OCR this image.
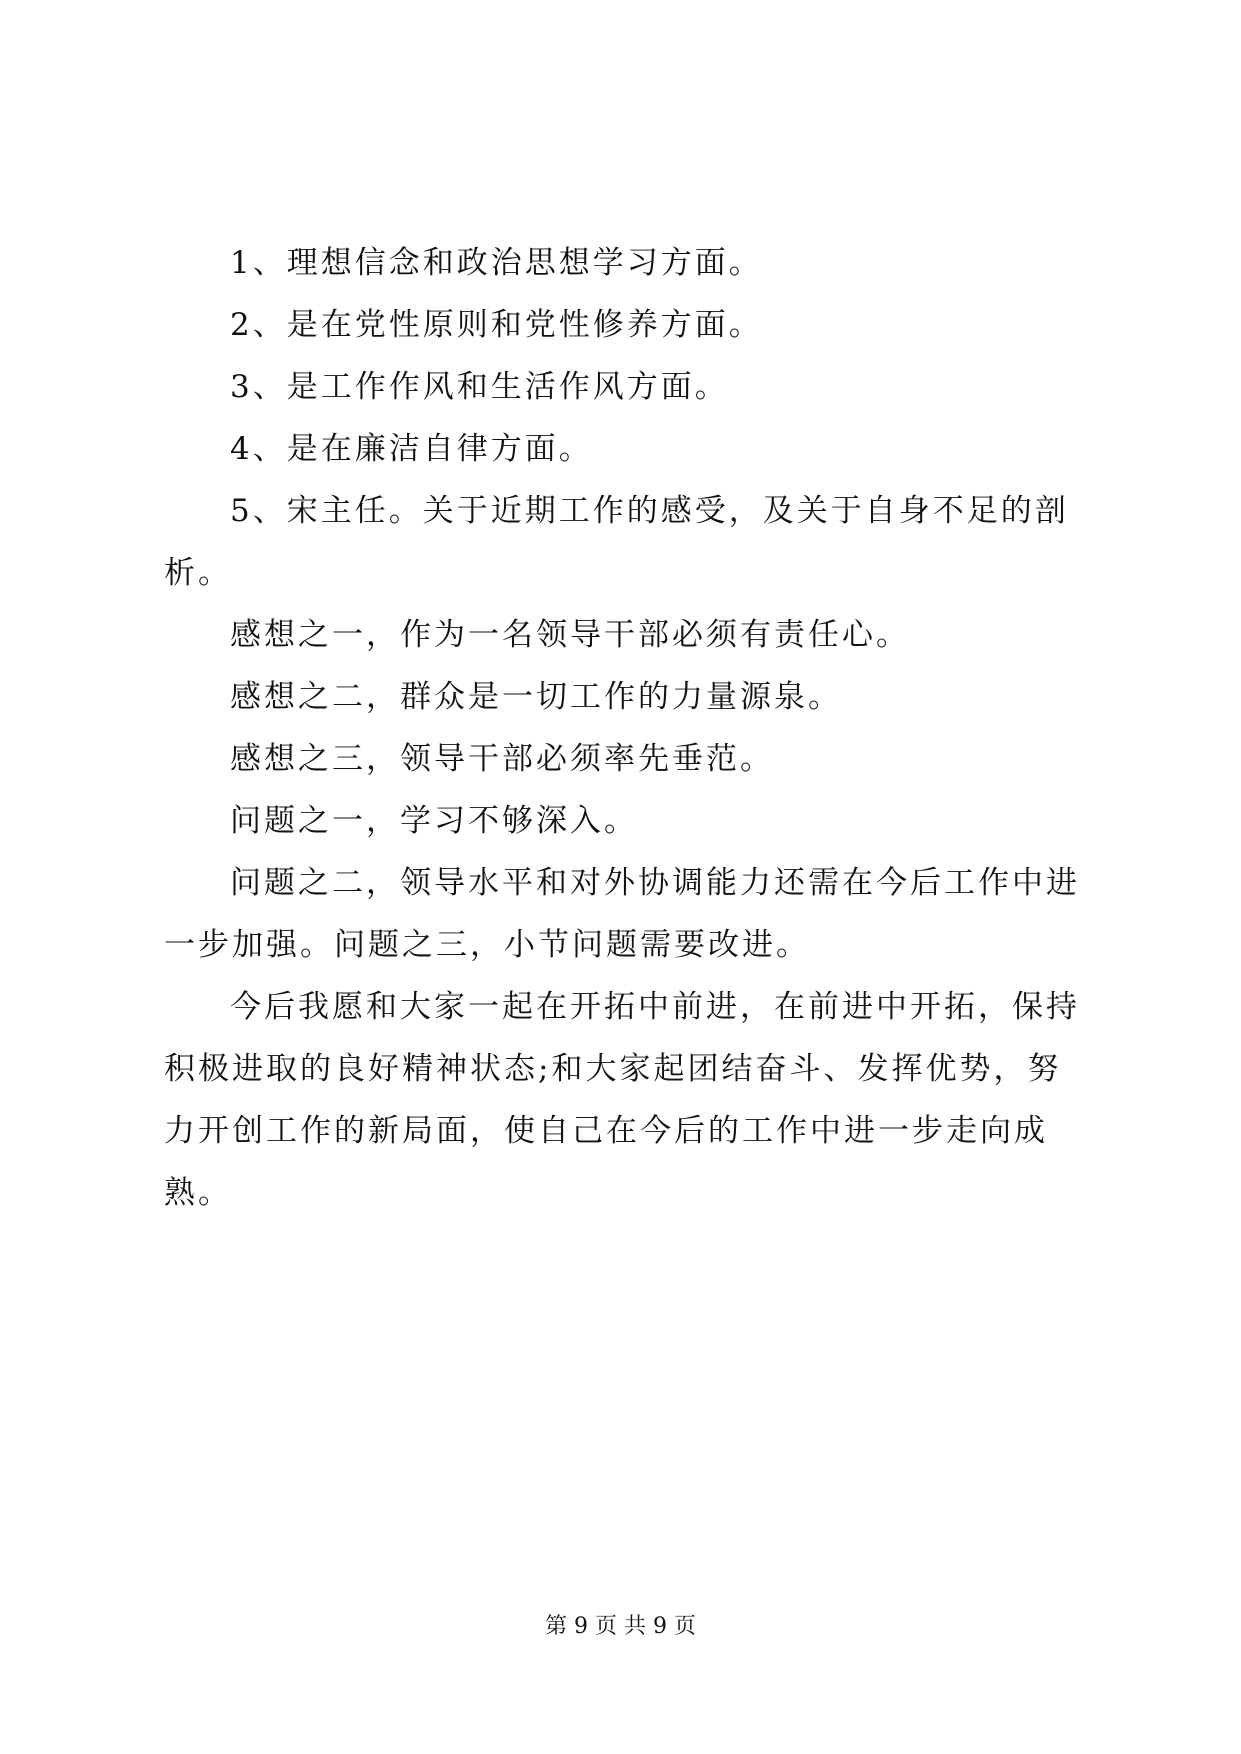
1、理想信念和政治思想学习方面。

2、是在党性原则和党性修养方面。

3、是工作作风和生活作风方面。

4、是在廉洁自律方面。

5、宋主任。关于近期工作的感受，及关于自身不足的剖析。

感想之一，作为一名领导干部必须有责任心。

感想之二，群众是一切工作的力量源泉。

感想之三，领导干部必须率先垂范。

问题之一，学习不够深入。

问题之二，领导水平和对外协调能力还需在今后工作中进一步加强。问题之三，小节问题需要改进。

今后我愿和大家一起在开拓中前进，在前进中开拓，保持积极进取的良好精神状态;和大家起团结奋斗、发挥优势，努力开创工作的新局面，使自己在今后的工作中进一步走向成熟。

第 9 页 共 9 页
